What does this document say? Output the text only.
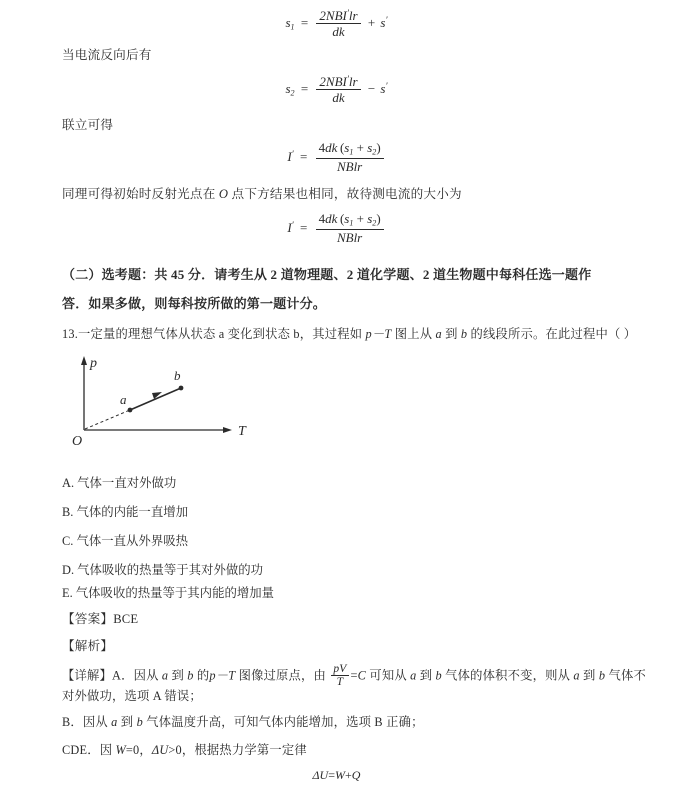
$s_1 = \frac{2NBI'lr}{dk} + s'$
当电流反向后有
$s_2 = \frac{2NBI'lr}{dk} - s'$
联立可得
$I' = \frac{4dk (s_1 + s_2)}{\text{NBlr}}$
同理可得初始时反射光点在 O 点下方结果也相同，故待测电流的大小为
$I' = \frac{4dk (s_1 + s_2)}{\text{NBlr}}$
（二）选考题：共 45 分．请考生从 2 道物理题、2 道化学题、2 道生物题中每科任选一题作
答．如果多做，则每科按所做的第一题计分。
13.一定量的理想气体从状态 a 变化到状态 b，其过程如 p－T 图上从 a 到 b 的线段所示。在此过程中（ ）
p
T
O
a
b
A. 气体一直对外做功
B. 气体的内能一直增加
C. 气体一直从外界吸热
D. 气体吸收的热量等于其对外做的功
E. 气体吸收的热量等于其内能的增加量
【答案】BCE
【解析】
【详解】A．因从 a 到 b 的p－T 图像过原点，由 $\frac{pV}{T} =C$ 可知从 a 到 b 气体的体积不变，则从 a 到 b 气体不
对外做功，选项 A 错误；
B．因从 a 到 b 气体温度升高，可知气体内能增加，选项 B 正确；
CDE．因 W=0，ΔU>0，根据热力学第一定律
ΔU=W+Q
